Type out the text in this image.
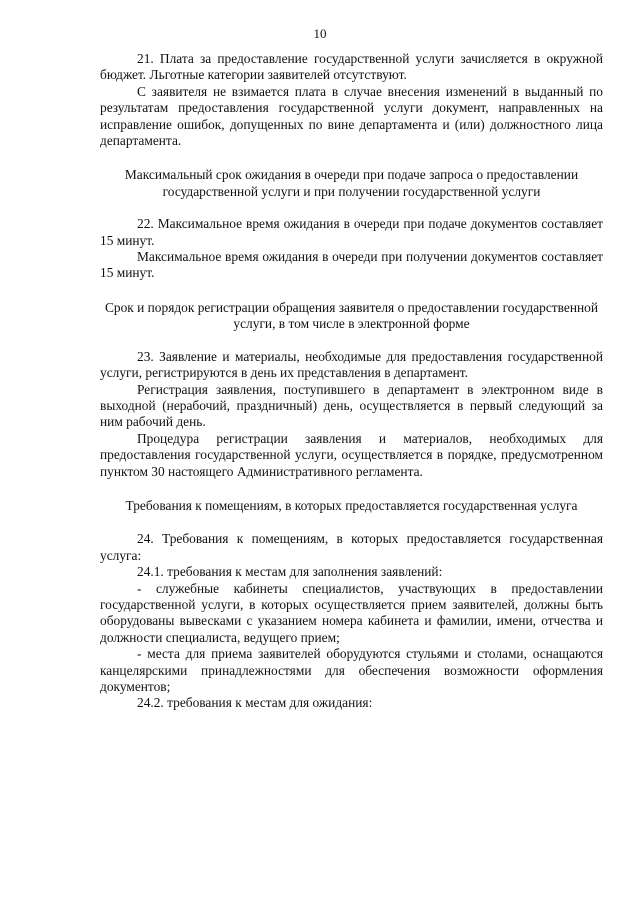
10

21. Плата за предоставление государственной услуги зачисляется в окружной бюджет. Льготные категории заявителей отсутствуют.

С заявителя не взимается плата в случае внесения изменений в выданный по результатам предоставления государственной услуги документ, направленных на исправление ошибок, допущенных по вине департамента и (или) должностного лица департамента.

Максимальный срок ожидания в очереди при подаче запроса о предоставлении государственной услуги и при получении государственной услуги

22. Максимальное время ожидания в очереди при подаче документов составляет 15 минут.

Максимальное время ожидания в очереди при получении документов составляет 15 минут.

Срок и порядок регистрации обращения заявителя о предоставлении государственной услуги, в том числе в электронной форме

23. Заявление и материалы, необходимые для предоставления государственной услуги, регистрируются в день их представления в департамент.

Регистрация заявления, поступившего в департамент в электронном виде в выходной (нерабочий, праздничный) день, осуществляется в первый следующий за ним рабочий день.

Процедура регистрации заявления и материалов, необходимых для предоставления государственной услуги, осуществляется в порядке, предусмотренном пунктом 30 настоящего Административного регламента.

Требования к помещениям, в которых предоставляется государственная услуга

24. Требования к помещениям, в которых предоставляется государственная услуга:

24.1. требования к местам для заполнения заявлений:

- служебные кабинеты специалистов, участвующих в предоставлении государственной услуги, в которых осуществляется прием заявителей, должны быть оборудованы вывесками с указанием номера кабинета и фамилии, имени, отчества и должности специалиста, ведущего прием;

- места для приема заявителей оборудуются стульями и столами, оснащаются канцелярскими принадлежностями для обеспечения возможности оформления документов;

24.2. требования к местам для ожидания:
